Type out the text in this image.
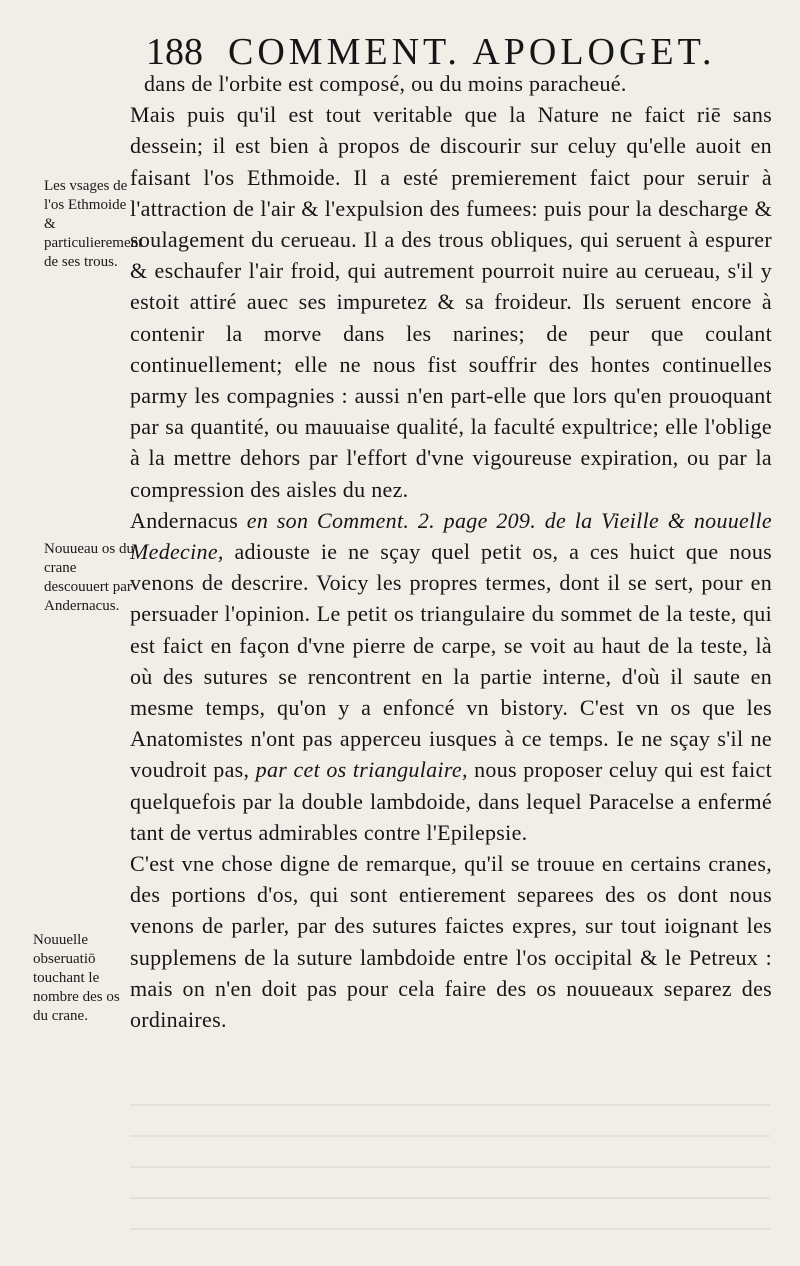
188 COMMENT. APOLOGET.
Les vsages de l'os Ethmoide & particulierement de ses trous.
Nouueau os du crane descouuert par Andernacus.
Nouuelle obseruatiō touchant le nombre des os du crane.

dans de l'orbite est composé, ou du moins paracheué.

Mais puis qu'il est tout veritable que la Nature ne faict riē sans dessein; il est bien à propos de discourir sur celuy qu'elle auoit en faisant l'os Ethmoide. Il a esté premierement faict pour seruir à l'attraction de l'air & l'expulsion des fumees: puis pour la descharge & soulagement du cerueau. Il a des trous obliques, qui seruent à espurer & eschaufer l'air froid, qui autrement pourroit nuire au cerueau, s'il y estoit attiré auec ses impuretez & sa froideur. Ils seruent encore à contenir la morve dans les narines; de peur que coulant continuellement; elle ne nous fist souffrir des hontes continuelles parmy les compagnies : aussi n'en part-elle que lors qu'en prouoquant par sa quantité, ou mauuaise qualité, la faculté expultrice; elle l'oblige à la mettre dehors par l'effort d'vne vigoureuse expiration, ou par la compression des aisles du nez.

Andernacus en son Comment. 2. page 209. de la Vieille & nouuelle Medecine, adiouste ie ne sçay quel petit os, a ces huict que nous venons de descrire. Voicy les propres termes, dont il se sert, pour en persuader l'opinion. Le petit os triangulaire du sommet de la teste, qui est faict en façon d'vne pierre de carpe, se voit au haut de la teste, là où des sutures se rencontrent en la partie interne, d'où il saute en mesme temps, qu'on y a enfoncé vn bistory. C'est vn os que les Anatomistes n'ont pas apperceu iusques à ce temps. Ie ne sçay s'il ne voudroit pas, par cet os triangulaire, nous proposer celuy qui est faict quelquefois par la double lambdoide, dans lequel Paracelse a enfermé tant de vertus admirables contre l'Epilepsie.

C'est vne chose digne de remarque, qu'il se trouue en certains cranes, des portions d'os, qui sont entierement separees des os dont nous venons de parler, par des sutures faictes expres, sur tout ioignant les supplemens de la suture lambdoide entre l'os occipital & le Petreux : mais on n'en doit pas pour cela faire des os nouueaux separez des ordinaires.
